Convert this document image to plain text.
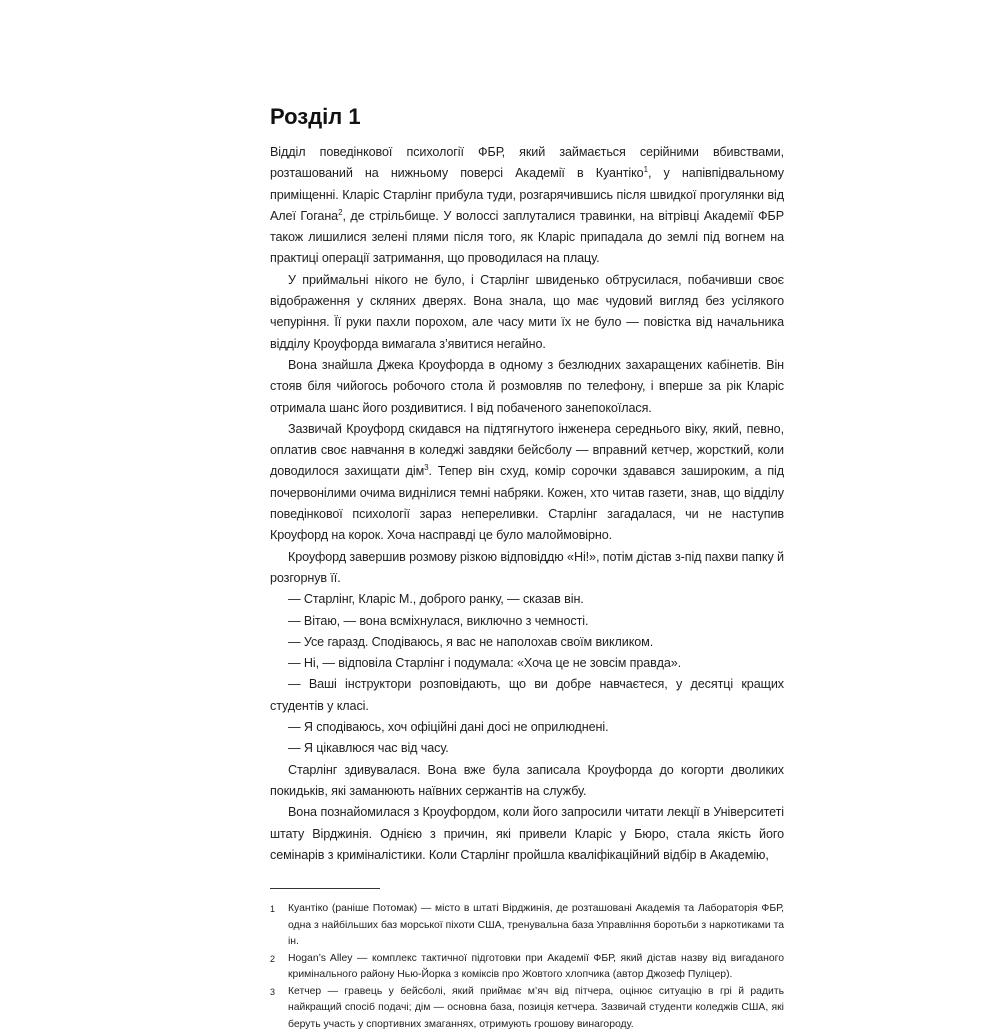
Розділ 1

Відділ поведінкової психології ФБР, який займається серійними вбивствами, розташований на нижньому поверсі Академії в Куантіко$^1$, у напівпідвальному приміщенні. Кларіс Старлінг прибула туди, розгарячившись після швидкої прогулянки від Алеї Гогана$^2$, де стрільбище. У волоссі заплуталися травинки, на вітрівці Академії ФБР також лишилися зелені плями після того, як Кларіс припадала до землі під вогнем на практиці операції затримання, що проводилася на плацу.

У приймальні нікого не було, і Старлінг швиденько обтрусилася, побачивши своє відображення у скляних дверях. Вона знала, що має чудовий вигляд без усілякого чепуріння. Її руки пахли порохом, але часу мити їх не було — повістка від начальника відділу Кроуфорда вимагала з’явитися негайно.

Вона знайшла Джека Кроуфорда в одному з безлюдних захаращених кабінетів. Він стояв біля чийогось робочого стола й розмовляв по телефону, і вперше за рік Кларіс отримала шанс його роздивитися. І від побаченого занепокоїлася.

Зазвичай Кроуфорд скидався на підтягнутого інженера середнього віку, який, певно, оплатив своє навчання в коледжі завдяки бейсболу — вправний кетчер, жорсткий, коли доводилося захищати дім$^3$. Тепер він схуд, комір сорочки здавався зашироким, а під почервонілими очима виднілися темні набряки. Кожен, хто читав газети, знав, що відділу поведінкової психології зараз непереливки. Старлінг загадалася, чи не наступив Кроуфорд на корок. Хоча насправді це було малоймовірно.

Кроуфорд завершив розмову різкою відповіддю «Ні!», потім дістав з-під пахви папку й розгорнув її.

— Старлінг, Кларіс М., доброго ранку, — сказав він.

— Вітаю, — вона всміхнулася, виключно з чемності.

— Усе гаразд. Сподіваюсь, я вас не наполохав своїм викликом.

— Ні, — відповіла Старлінг і подумала: «Хоча це не зовсім правда».

— Ваші інструктори розповідають, що ви добре навчаєтеся, у десятці кращих студентів у класі.

— Я сподіваюсь, хоч офіційні дані досі не оприлюднені.

— Я цікавлюся час від часу.

Старлінг здивувалася. Вона вже була записала Кроуфорда до когорти дволиких покидьків, які заманюють наївних сержантів на службу.

Вона познайомилася з Кроуфордом, коли його запросили читати лекції в Університеті штату Вірджинія. Однією з причин, які привели Кларіс у Бюро, стала якість його семінарів з криміналістики. Коли Старлінг пройшла кваліфікаційний відбір в Академію,

1	Куантіко (раніше Потомак) — місто в штаті Вірджинія, де розташовані Академія та Лабораторія ФБР, одна з найбільших баз морської піхоти США, тренувальна база Управління боротьби з наркотиками та ін.
2	Hogan’s Alley — комплекс тактичної підготовки при Академії ФБР, який дістав назву від вигаданого кримінального району Нью-Йорка з коміксів про Жовтого хлопчика (автор Джозеф Пуліцер).
3	Кетчер — гравець у бейсболі, який приймає м’яч від пітчера, оцінює ситуацію в грі й радить найкращий спосіб подачі; дім — основна база, позиція кетчера. Зазвичай студенти коледжів США, які беруть участь у спортивних змаганнях, отримують грошову винагороду.
